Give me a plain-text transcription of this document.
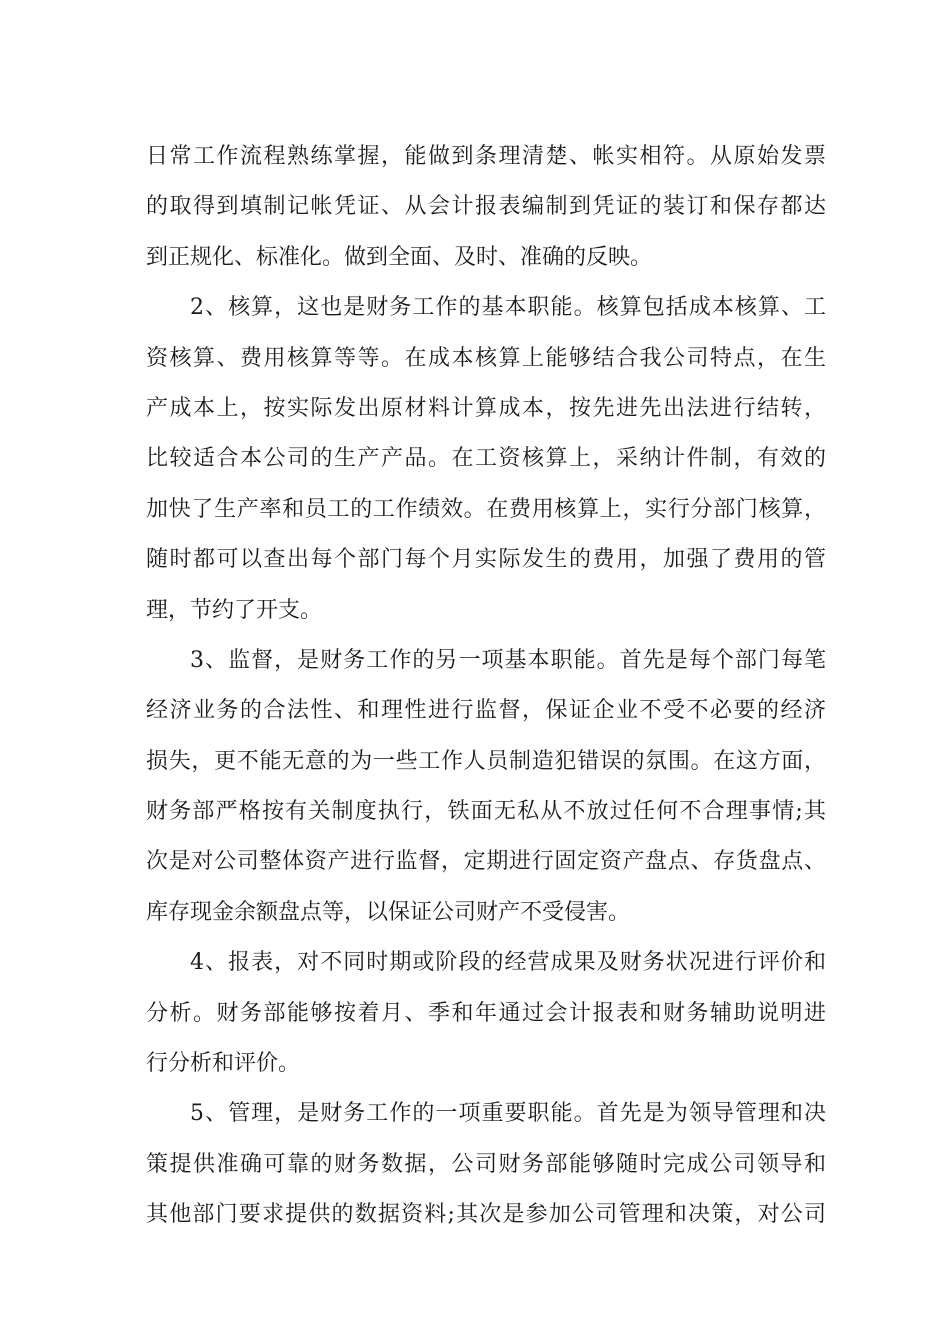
日常工作流程熟练掌握，能做到条理清楚、帐实相符。从原始发票
的取得到填制记帐凭证、从会计报表编制到凭证的装订和保存都达
到正规化、标准化。做到全面、及时、准确的反映。
2、核算，这也是财务工作的基本职能。核算包括成本核算、工
资核算、费用核算等等。在成本核算上能够结合我公司特点，在生
产成本上，按实际发出原材料计算成本，按先进先出法进行结转，
比较适合本公司的生产产品。在工资核算上，采纳计件制，有效的
加快了生产率和员工的工作绩效。在费用核算上，实行分部门核算，
随时都可以查出每个部门每个月实际发生的费用，加强了费用的管
理，节约了开支。
3、监督，是财务工作的另一项基本职能。首先是每个部门每笔
经济业务的合法性、和理性进行监督，保证企业不受不必要的经济
损失，更不能无意的为一些工作人员制造犯错误的氛围。在这方面，
财务部严格按有关制度执行，铁面无私从不放过任何不合理事情;其
次是对公司整体资产进行监督，定期进行固定资产盘点、存货盘点、
库存现金余额盘点等，以保证公司财产不受侵害。
4、报表，对不同时期或阶段的经营成果及财务状况进行评价和
分析。财务部能够按着月、季和年通过会计报表和财务辅助说明进
行分析和评价。
5、管理，是财务工作的一项重要职能。首先是为领导管理和决
策提供准确可靠的财务数据，公司财务部能够随时完成公司领导和
其他部门要求提供的数据资料;其次是参加公司管理和决策，对公司
